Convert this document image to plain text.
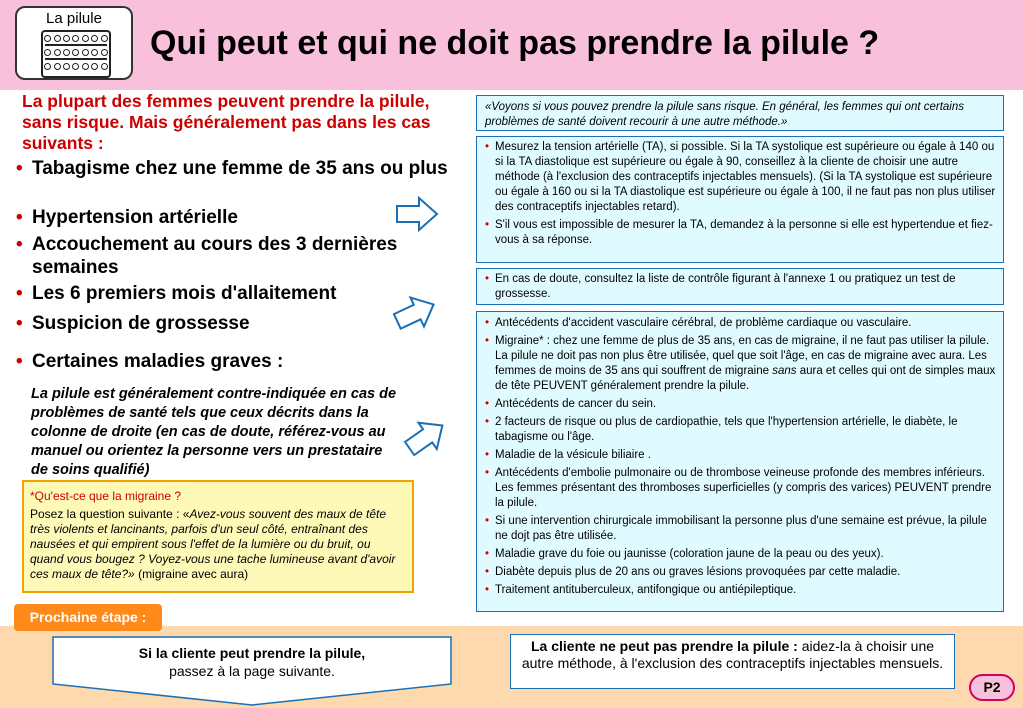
La pilule
Qui peut et qui ne doit pas prendre la pilule ?
La plupart des femmes peuvent prendre la pilule, sans risque. Mais généralement pas dans les cas suivants :
• Tabagisme chez une femme de 35 ans ou plus
• Hypertension artérielle
• Accouchement au cours des 3 dernières semaines
• Les 6 premiers mois d'allaitement
• Suspicion de grossesse
• Certaines maladies graves :
La pilule est généralement contre-indiquée en cas de problèmes de santé tels que ceux décrits dans la colonne de droite (en cas de doute, référez-vous au manuel ou orientez la personne vers un prestataire de soins qualifié)
*Qu'est-ce que la migraine ?
Posez la question suivante : «Avez-vous souvent des maux de tête très violents et lancinants, parfois d'un seul côté, entraînant des nausées et qui empirent sous l'effet de la lumière ou du bruit, ou quand vous bougez ? Voyez-vous une tache lumineuse avant d'avoir ces maux de tête?» (migraine avec aura)
«Voyons si vous pouvez prendre la pilule sans risque. En général, les femmes qui ont certains problèmes de santé doivent recourir à une autre méthode.»
• Mesurez la tension artérielle (TA), si possible. Si la TA systolique est supérieure ou égale à 140 ou si la TA diastolique est supérieure ou égale à 90, conseillez à la cliente de choisir une autre méthode (à l'exclusion des contraceptifs injectables mensuels). (Si la TA systolique est supérieure ou égale à 160 ou si la TA diastolique est supérieure ou égale à 100, il ne faut pas non plus utiliser des contraceptifs injectables retard).
• S'il vous est impossible de mesurer la TA, demandez à la personne si elle est hypertendue et fiez-vous à sa réponse.
• En cas de doute, consultez la liste de contrôle figurant à l'annexe 1 ou pratiquez un test de grossesse.
• Antécédents d'accident vasculaire cérébral, de problème cardiaque ou vasculaire.
• Migraine* : chez une femme de plus de 35 ans, en cas de migraine, il ne faut pas utiliser la pilule. La pilule ne doit pas non plus être utilisée, quel que soit l'âge, en cas de migraine avec aura. Les femmes de moins de 35 ans qui souffrent de migraine sans aura et celles qui ont de simples maux de tête PEUVENT généralement prendre la pilule.
• Antécédents de cancer du sein.
• 2 facteurs de risque ou plus de cardiopathie, tels que l'hypertension artérielle, le diabète, le tabagisme ou l'âge.
• Maladie de la vésicule biliaire .
• Antécédents d'embolie pulmonaire ou de thrombose veineuse profonde des membres inférieurs. Les femmes présentant des thromboses superficielles (y compris des varices) PEUVENT prendre la pilule.
• Si une intervention chirurgicale immobilisant la personne plus d'une semaine est prévue, la pilule ne dojt pas être utilisée.
• Maladie grave du foie ou jaunisse (coloration jaune de la peau ou des yeux).
• Diabète depuis plus de 20 ans ou graves lésions provoquées par cette maladie.
• Traitement antituberculeux, antifongique ou antiépileptique.
Prochaine étape :
Si la cliente peut prendre la pilule,
passez à la page suivante.
La cliente ne peut pas prendre la pilule : aidez-la à choisir une autre méthode, à l'exclusion des contraceptifs injectables mensuels.
P2
